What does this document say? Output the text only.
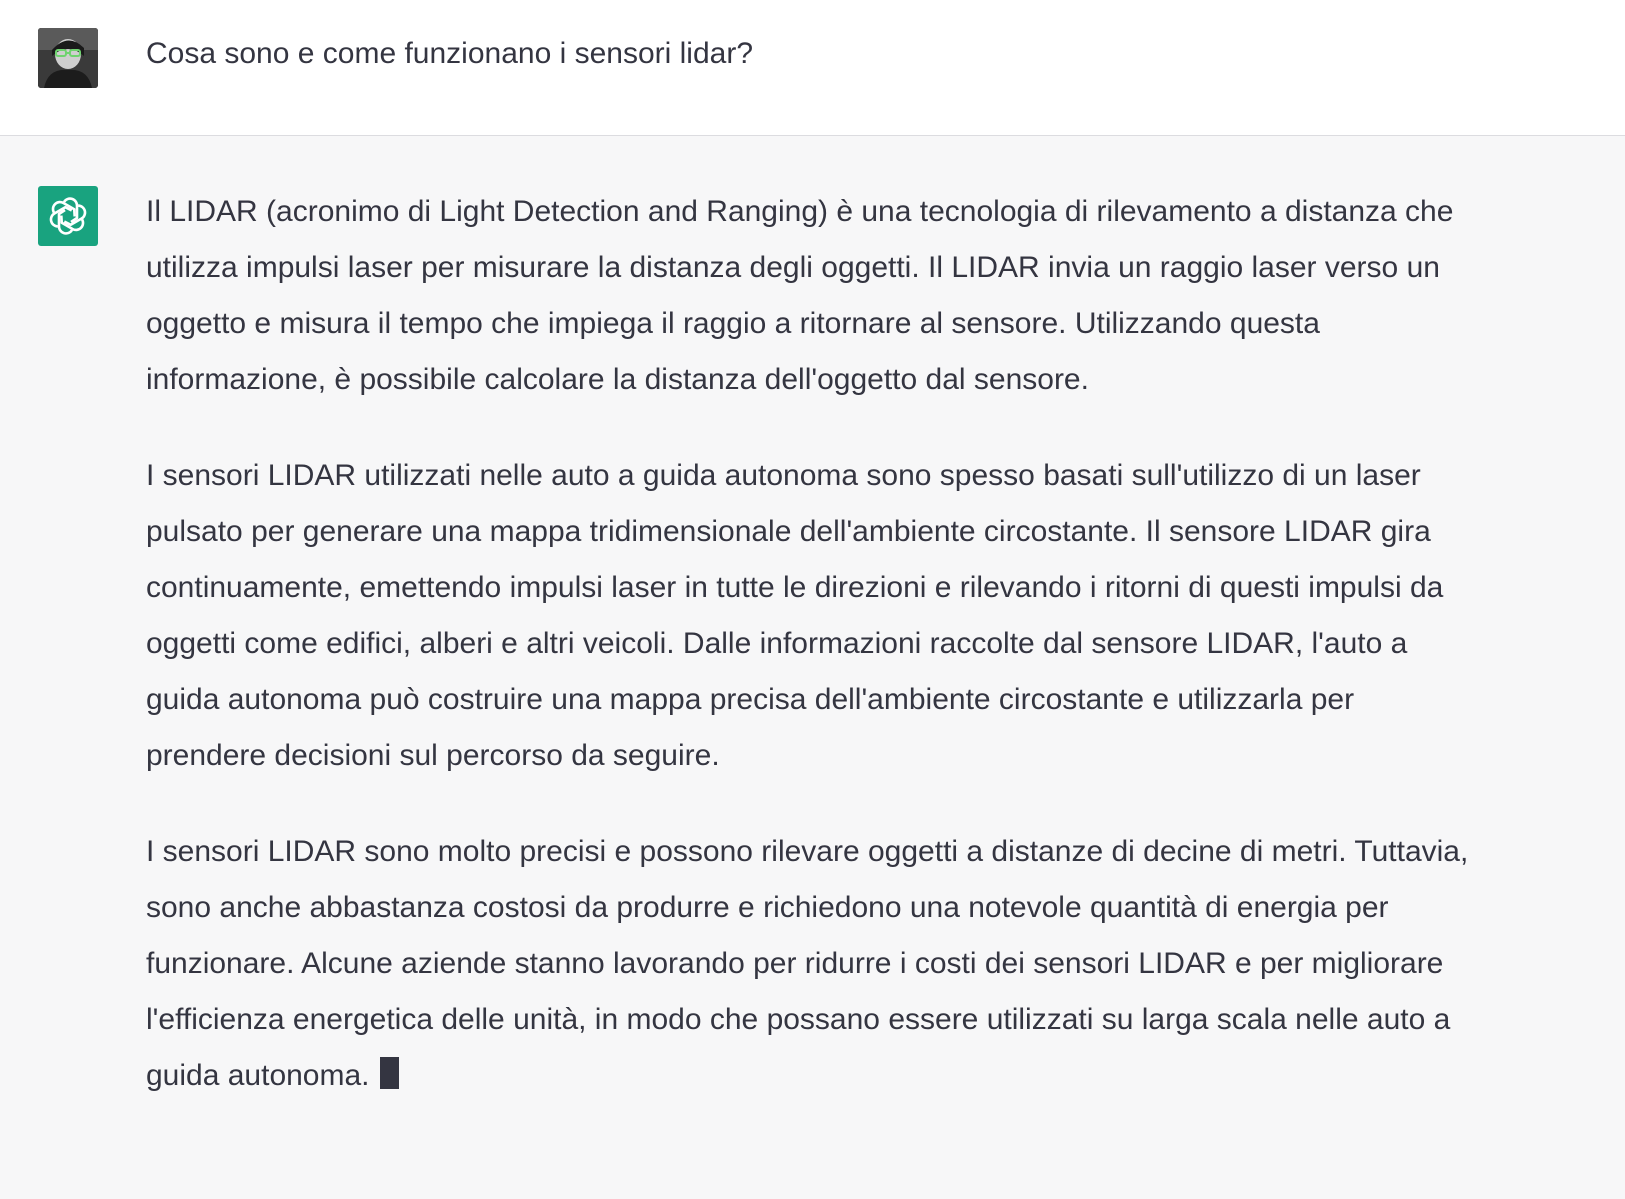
Cosa sono e come funzionano i sensori lidar?

Il LIDAR (acronimo di Light Detection and Ranging) è una tecnologia di rilevamento a distanza che utilizza impulsi laser per misurare la distanza degli oggetti. Il LIDAR invia un raggio laser verso un oggetto e misura il tempo che impiega il raggio a ritornare al sensore. Utilizzando questa informazione, è possibile calcolare la distanza dell'oggetto dal sensore.

I sensori LIDAR utilizzati nelle auto a guida autonoma sono spesso basati sull'utilizzo di un laser pulsato per generare una mappa tridimensionale dell'ambiente circostante. Il sensore LIDAR gira continuamente, emettendo impulsi laser in tutte le direzioni e rilevando i ritorni di questi impulsi da oggetti come edifici, alberi e altri veicoli. Dalle informazioni raccolte dal sensore LIDAR, l'auto a guida autonoma può costruire una mappa precisa dell'ambiente circostante e utilizzarla per prendere decisioni sul percorso da seguire.

I sensori LIDAR sono molto precisi e possono rilevare oggetti a distanze di decine di metri. Tuttavia, sono anche abbastanza costosi da produrre e richiedono una notevole quantità di energia per funzionare. Alcune aziende stanno lavorando per ridurre i costi dei sensori LIDAR e per migliorare l'efficienza energetica delle unità, in modo che possano essere utilizzati su larga scala nelle auto a guida autonoma.
